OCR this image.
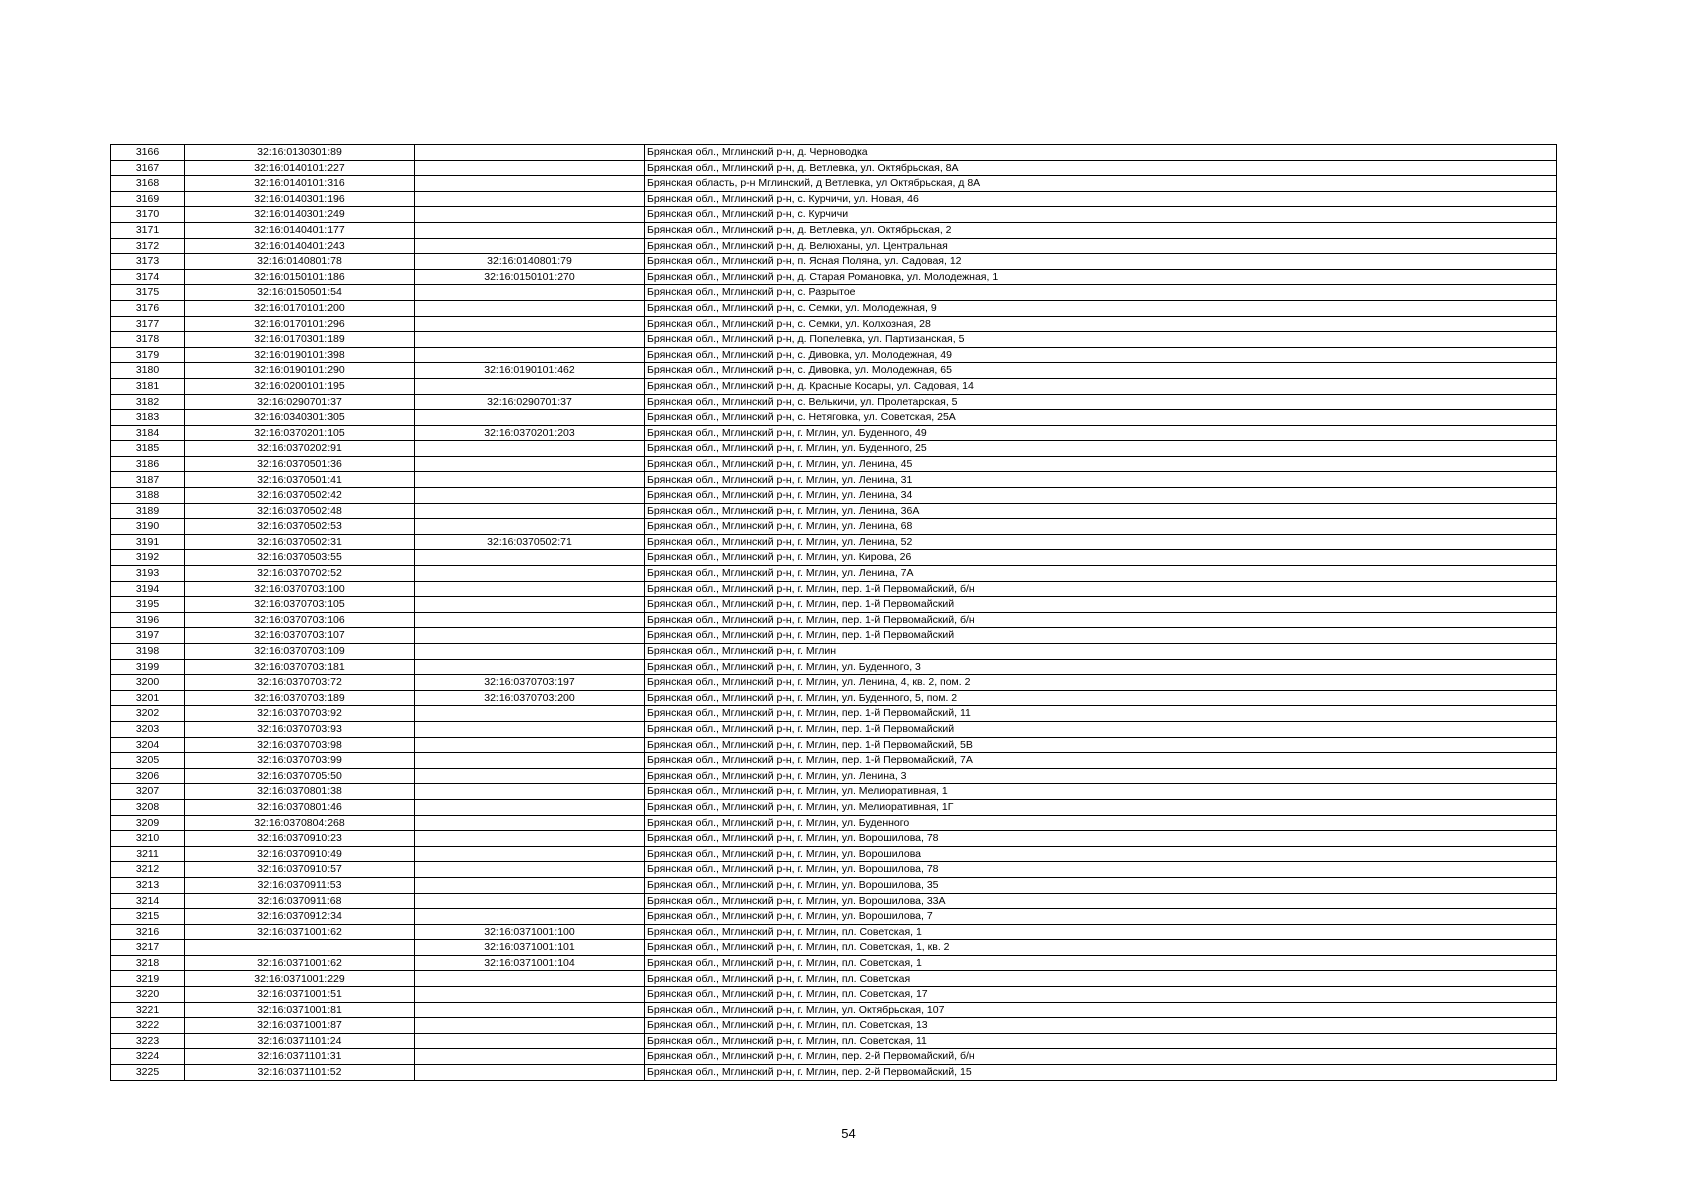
3166	32:16:0130301:89		Брянская обл., Мглинский р-н, д. Черноводка
3167	32:16:0140101:227		Брянская обл., Мглинский р-н, д. Ветлевка, ул. Октябрьская, 8А
3168	32:16:0140101:316		Брянская область, р-н Мглинский, д Ветлевка, ул Октябрьская, д 8А
3169	32:16:0140301:196		Брянская обл., Мглинский р-н, с. Курчичи, ул. Новая, 46
3170	32:16:0140301:249		Брянская обл., Мглинский р-н, с. Курчичи
3171	32:16:0140401:177		Брянская обл., Мглинский р-н, д. Ветлевка, ул. Октябрьская, 2
3172	32:16:0140401:243		Брянская обл., Мглинский р-н, д. Велюханы, ул. Центральная
3173	32:16:0140801:78	32:16:0140801:79	Брянская обл., Мглинский р-н, п. Ясная Поляна, ул. Садовая, 12
3174	32:16:0150101:186	32:16:0150101:270	Брянская обл., Мглинский р-н, д. Старая Романовка, ул. Молодежная, 1
3175	32:16:0150501:54		Брянская обл., Мглинский р-н, с. Разрытое
3176	32:16:0170101:200		Брянская обл., Мглинский р-н, с. Семки, ул. Молодежная, 9
3177	32:16:0170101:296		Брянская обл., Мглинский р-н, с. Семки, ул. Колхозная, 28
3178	32:16:0170301:189		Брянская обл., Мглинский р-н, д. Попелевка, ул. Партизанская, 5
3179	32:16:0190101:398		Брянская обл., Мглинский р-н, с. Дивовка, ул. Молодежная, 49
3180	32:16:0190101:290	32:16:0190101:462	Брянская обл., Мглинский р-н, с. Дивовка, ул. Молодежная, 65
3181	32:16:0200101:195		Брянская обл., Мглинский р-н, д. Красные Косары, ул. Садовая, 14
3182	32:16:0290701:37	32:16:0290701:37	Брянская обл., Мглинский р-н, с. Велькичи, ул. Пролетарская, 5
3183	32:16:0340301:305		Брянская обл., Мглинский р-н, с. Нетяговка, ул. Советская, 25А
3184	32:16:0370201:105	32:16:0370201:203	Брянская обл., Мглинский р-н, г. Мглин, ул. Буденного, 49
3185	32:16:0370202:91		Брянская обл., Мглинский р-н, г. Мглин, ул. Буденного, 25
3186	32:16:0370501:36		Брянская обл., Мглинский р-н, г. Мглин, ул. Ленина, 45
3187	32:16:0370501:41		Брянская обл., Мглинский р-н, г. Мглин, ул. Ленина, 31
3188	32:16:0370502:42		Брянская обл., Мглинский р-н, г. Мглин, ул. Ленина, 34
3189	32:16:0370502:48		Брянская обл., Мглинский р-н, г. Мглин, ул. Ленина, 36А
3190	32:16:0370502:53		Брянская обл., Мглинский р-н, г. Мглин, ул. Ленина, 68
3191	32:16:0370502:31	32:16:0370502:71	Брянская обл., Мглинский р-н, г. Мглин, ул. Ленина, 52
3192	32:16:0370503:55		Брянская обл., Мглинский р-н, г. Мглин, ул. Кирова, 26
3193	32:16:0370702:52		Брянская обл., Мглинский р-н, г. Мглин, ул. Ленина, 7А
3194	32:16:0370703:100		Брянская обл., Мглинский р-н, г. Мглин, пер. 1-й Первомайский, б/н
3195	32:16:0370703:105		Брянская обл., Мглинский р-н, г. Мглин, пер. 1-й Первомайский
3196	32:16:0370703:106		Брянская обл., Мглинский р-н, г. Мглин, пер. 1-й Первомайский, б/н
3197	32:16:0370703:107		Брянская обл., Мглинский р-н, г. Мглин, пер. 1-й Первомайский
3198	32:16:0370703:109		Брянская обл., Мглинский р-н, г. Мглин
3199	32:16:0370703:181		Брянская обл., Мглинский р-н, г. Мглин, ул. Буденного, 3
3200	32:16:0370703:72	32:16:0370703:197	Брянская обл., Мглинский р-н, г. Мглин, ул. Ленина, 4, кв. 2, пом. 2
3201	32:16:0370703:189	32:16:0370703:200	Брянская обл., Мглинский р-н, г. Мглин, ул. Буденного, 5, пом. 2
3202	32:16:0370703:92		Брянская обл., Мглинский р-н, г. Мглин, пер. 1-й Первомайский, 11
3203	32:16:0370703:93		Брянская обл., Мглинский р-н, г. Мглин, пер. 1-й Первомайский
3204	32:16:0370703:98		Брянская обл., Мглинский р-н, г. Мглин, пер. 1-й Первомайский, 5В
3205	32:16:0370703:99		Брянская обл., Мглинский р-н, г. Мглин, пер. 1-й Первомайский, 7А
3206	32:16:0370705:50		Брянская обл., Мглинский р-н, г. Мглин, ул. Ленина, 3
3207	32:16:0370801:38		Брянская обл., Мглинский р-н, г. Мглин, ул. Мелиоративная, 1
3208	32:16:0370801:46		Брянская обл., Мглинский р-н, г. Мглин, ул. Мелиоративная, 1Г
3209	32:16:0370804:268		Брянская обл., Мглинский р-н, г. Мглин, ул. Буденного
3210	32:16:0370910:23		Брянская обл., Мглинский р-н, г. Мглин, ул. Ворошилова, 78
3211	32:16:0370910:49		Брянская обл., Мглинский р-н, г. Мглин, ул. Ворошилова
3212	32:16:0370910:57		Брянская обл., Мглинский р-н, г. Мглин, ул. Ворошилова, 78
3213	32:16:0370911:53		Брянская обл., Мглинский р-н, г. Мглин, ул. Ворошилова, 35
3214	32:16:0370911:68		Брянская обл., Мглинский р-н, г. Мглин, ул. Ворошилова, 33А
3215	32:16:0370912:34		Брянская обл., Мглинский р-н, г. Мглин, ул. Ворошилова, 7
3216	32:16:0371001:62	32:16:0371001:100	Брянская обл., Мглинский р-н, г. Мглин, пл. Советская, 1
3217		32:16:0371001:101	Брянская обл., Мглинский р-н, г. Мглин, пл. Советская, 1, кв. 2
3218	32:16:0371001:62	32:16:0371001:104	Брянская обл., Мглинский р-н, г. Мглин, пл. Советская, 1
3219	32:16:0371001:229		Брянская обл., Мглинский р-н, г. Мглин, пл. Советская
3220	32:16:0371001:51		Брянская обл., Мглинский р-н, г. Мглин, пл. Советская, 17
3221	32:16:0371001:81		Брянская обл., Мглинский р-н, г. Мглин, ул. Октябрьская, 107
3222	32:16:0371001:87		Брянская обл., Мглинский р-н, г. Мглин, пл. Советская, 13
3223	32:16:0371101:24		Брянская обл., Мглинский р-н, г. Мглин, пл. Советская, 11
3224	32:16:0371101:31		Брянская обл., Мглинский р-н, г. Мглин, пер. 2-й Первомайский, б/н
3225	32:16:0371101:52		Брянская обл., Мглинский р-н, г. Мглин, пер. 2-й Первомайский, 15
54
